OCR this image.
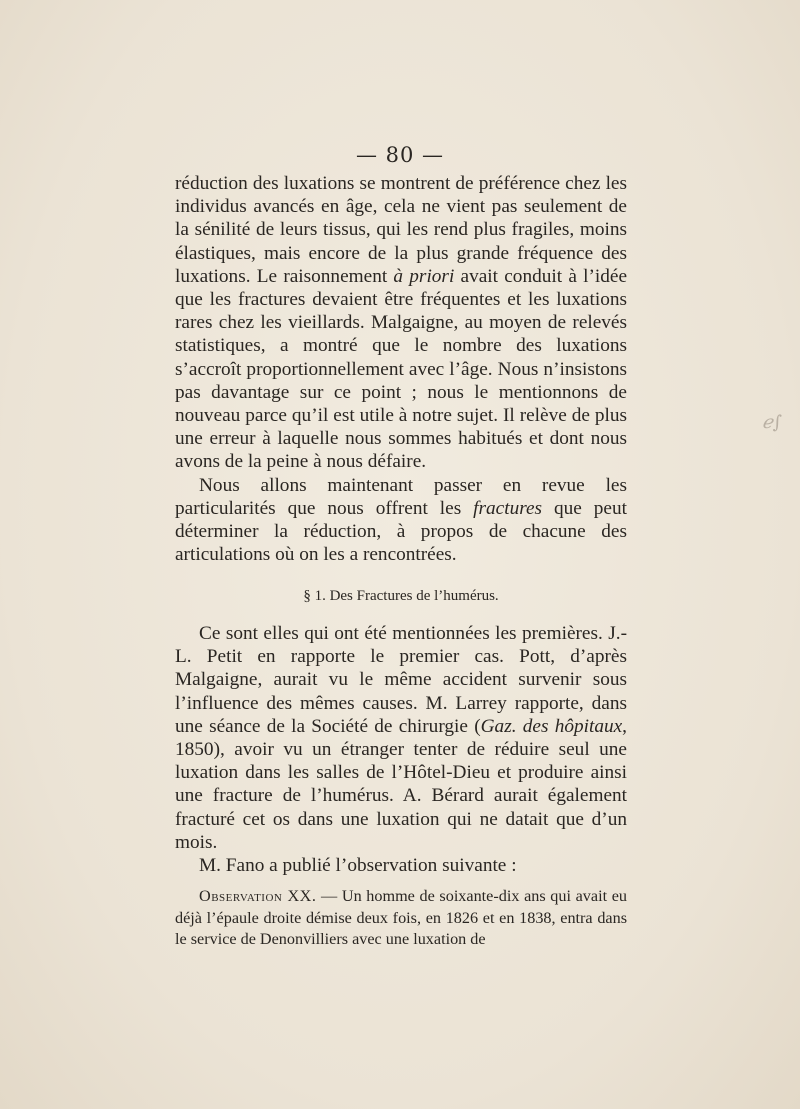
— 80 —

réduction des luxations se montrent de préférence chez les individus avancés en âge, cela ne vient pas seulement de la sénilité de leurs tissus, qui les rend plus fragiles, moins élastiques, mais encore de la plus grande fréquence des luxations. Le raisonnement à priori avait conduit à l’idée que les fractures devaient être fréquentes et les luxations rares chez les vieillards. Malgaigne, au moyen de relevés statistiques, a montré que le nombre des luxations s’accroît proportionnellement avec l’âge. Nous n’insistons pas davantage sur ce point ; nous le mentionnons de nouveau parce qu’il est utile à notre sujet. Il relève de plus une erreur à laquelle nous sommes habitués et dont nous avons de la peine à nous défaire.

Nous allons maintenant passer en revue les particularités que nous offrent les fractures que peut déterminer la réduction, à propos de chacune des articulations où on les a rencontrées.

§ 1. Des Fractures de l’humérus.

Ce sont elles qui ont été mentionnées les premières. J.-L. Petit en rapporte le premier cas. Pott, d’après Malgaigne, aurait vu le même accident survenir sous l’influence des mêmes causes. M. Larrey rapporte, dans une séance de la Société de chirurgie (Gaz. des hôpitaux, 1850), avoir vu un étranger tenter de réduire seul une luxation dans les salles de l’Hôtel-Dieu et produire ainsi une fracture de l’humérus. A. Bérard aurait également fracturé cet os dans une luxation qui ne datait que d’un mois.

M. Fano a publié l’observation suivante :

Observation XX. — Un homme de soixante-dix ans qui avait eu déjà l’épaule droite démise deux fois, en 1826 et en 1838, entra dans le service de Denonvilliers avec une luxation de

ℯ∫
